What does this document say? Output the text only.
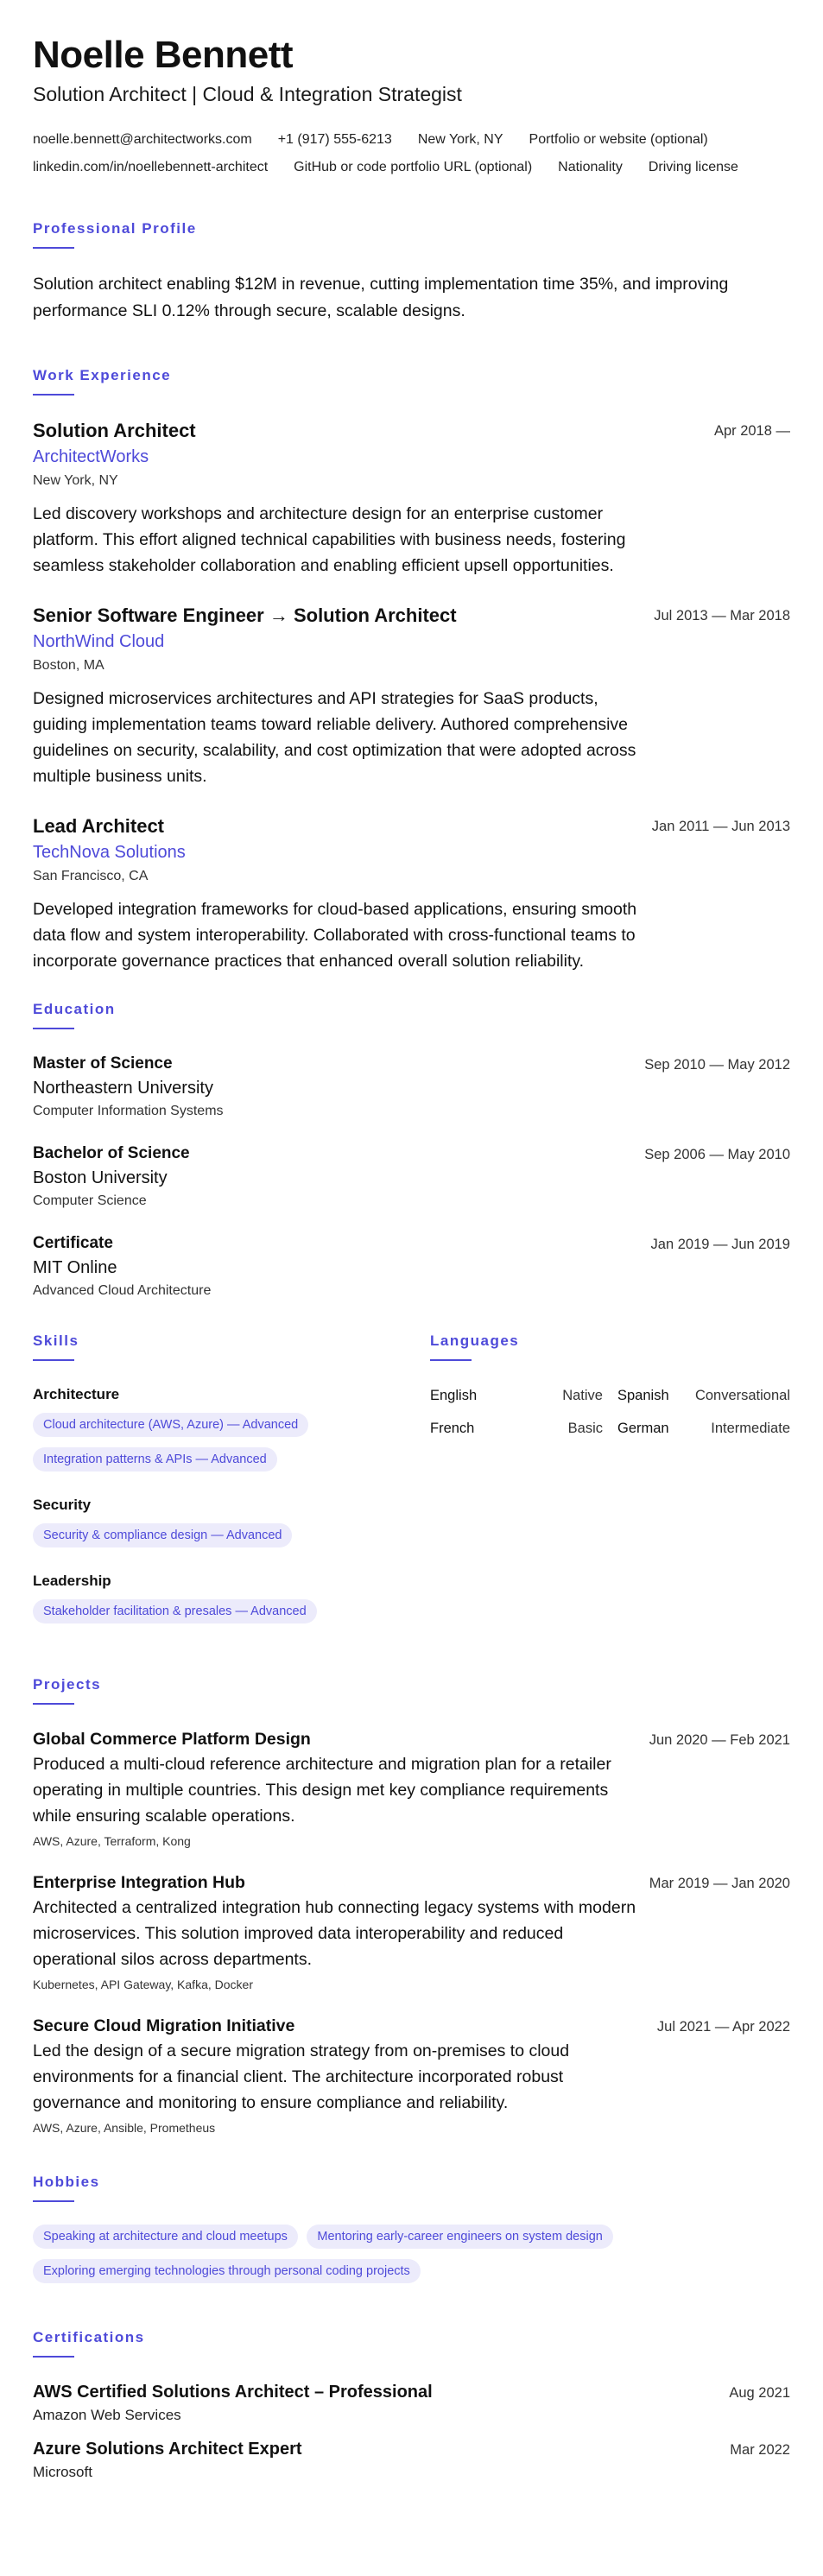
Noelle Bennett
Solution Architect | Cloud & Integration Strategist
noelle.bennett@architectworks.com +1 (917) 555-6213 New York, NY Portfolio or website (optional)
linkedin.com/in/noellebennett-architect GitHub or code portfolio URL (optional) Nationality Driving license
Professional Profile
Solution architect enabling $12M in revenue, cutting implementation time 35%, and improving performance SLI 0.12% through secure, scalable designs.
Work Experience
Solution Architect	Apr 2018 —
ArchitectWorks
New York, NY
Led discovery workshops and architecture design for an enterprise customer platform. This effort aligned technical capabilities with business needs, fostering seamless stakeholder collaboration and enabling efficient upsell opportunities.
Senior Software Engineer → Solution Architect	Jul 2013 — Mar 2018
NorthWind Cloud
Boston, MA
Designed microservices architectures and API strategies for SaaS products, guiding implementation teams toward reliable delivery. Authored comprehensive guidelines on security, scalability, and cost optimization that were adopted across multiple business units.
Lead Architect	Jan 2011 — Jun 2013
TechNova Solutions
San Francisco, CA
Developed integration frameworks for cloud-based applications, ensuring smooth data flow and system interoperability. Collaborated with cross-functional teams to incorporate governance practices that enhanced overall solution reliability.
Education
Master of Science	Sep 2010 — May 2012
Northeastern University
Computer Information Systems
Bachelor of Science	Sep 2006 — May 2010
Boston University
Computer Science
Certificate	Jan 2019 — Jun 2019
MIT Online
Advanced Cloud Architecture
Skills
Architecture
Cloud architecture (AWS, Azure) — Advanced
Integration patterns & APIs — Advanced
Security
Security & compliance design — Advanced
Leadership
Stakeholder facilitation & presales — Advanced
Languages
English	Native Spanish Conversational
French	Basic German	Intermediate
Projects
Global Commerce Platform Design	Jun 2020 — Feb 2021
Produced a multi-cloud reference architecture and migration plan for a retailer operating in multiple countries. This design met key compliance requirements while ensuring scalable operations.
AWS, Azure, Terraform, Kong
Enterprise Integration Hub	Mar 2019 — Jan 2020
Architected a centralized integration hub connecting legacy systems with modern microservices. This solution improved data interoperability and reduced operational silos across departments.
Kubernetes, API Gateway, Kafka, Docker
Secure Cloud Migration Initiative	Jul 2021 — Apr 2022
Led the design of a secure migration strategy from on-premises to cloud environments for a financial client. The architecture incorporated robust governance and monitoring to ensure compliance and reliability.
AWS, Azure, Ansible, Prometheus
Hobbies
Speaking at architecture and cloud meetups Mentoring early-career engineers on system design Exploring emerging technologies through personal coding projects
Certifications
AWS Certified Solutions Architect – Professional	Aug 2021
Amazon Web Services
Azure Solutions Architect Expert	Mar 2022
Microsoft
